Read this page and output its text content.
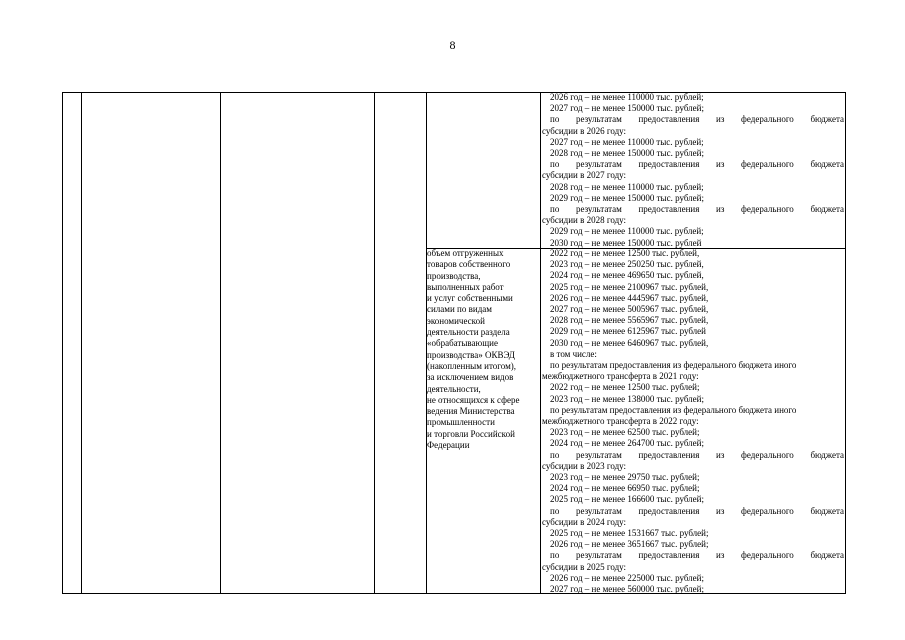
8
2026 год – не менее 110000 тыс. рублей;
2027 год – не менее 150000 тыс. рублей;
по результатам предоставления из федерального бюджета
субсидии в 2026 году:
2027 год – не менее 110000 тыс. рублей;
2028 год – не менее 150000 тыс. рублей;
по результатам предоставления из федерального бюджета
субсидии в 2027 году:
2028 год – не менее 110000 тыс. рублей;
2029 год – не менее 150000 тыс. рублей;
по результатам предоставления из федерального бюджета
субсидии в 2028 году:
2029 год – не менее 110000 тыс. рублей;
2030 год – не менее 150000 тыс. рублей
объем отгруженных
товаров собственного
производства,
выполненных работ
и услуг собственными
силами по видам
экономической
деятельности раздела
«обрабатывающие
производства» ОКВЭД
(накопленным итогом),
за исключением видов
деятельности,
не относящихся к сфере
ведения Министерства
промышленности
и торговли Российской
Федерации
2022 год – не менее 12500 тыс. рублей,
2023 год – не менее 250250 тыс. рублей,
2024 год – не менее 469650 тыс. рублей,
2025 год – не менее 2100967 тыс. рублей,
2026 год – не менее 4445967 тыс. рублей,
2027 год – не менее 5005967 тыс. рублей,
2028 год – не менее 5565967 тыс. рублей,
2029 год – не менее 6125967 тыс. рублей
2030 год – не менее 6460967 тыс. рублей,
в том числе:
по результатам предоставления из федерального бюджета иного
межбюджетного трансферта в 2021 году:
2022 год – не менее 12500 тыс. рублей;
2023 год – не менее 138000 тыс. рублей;
по результатам предоставления из федерального бюджета иного
межбюджетного трансферта в 2022 году:
2023 год – не менее 62500 тыс. рублей;
2024 год – не менее 264700 тыс. рублей;
по результатам предоставления из федерального бюджета
субсидии в 2023 году:
2023 год – не менее 29750 тыс. рублей;
2024 год – не менее 66950 тыс. рублей;
2025 год – не менее 166600 тыс. рублей;
по результатам предоставления из федерального бюджета
субсидии в 2024 году:
2025 год – не менее 1531667 тыс. рублей;
2026 год – не менее 3651667 тыс. рублей;
по результатам предоставления из федерального бюджета
субсидии в 2025 году:
2026 год – не менее 225000 тыс. рублей;
2027 год – не менее 560000 тыс. рублей;
